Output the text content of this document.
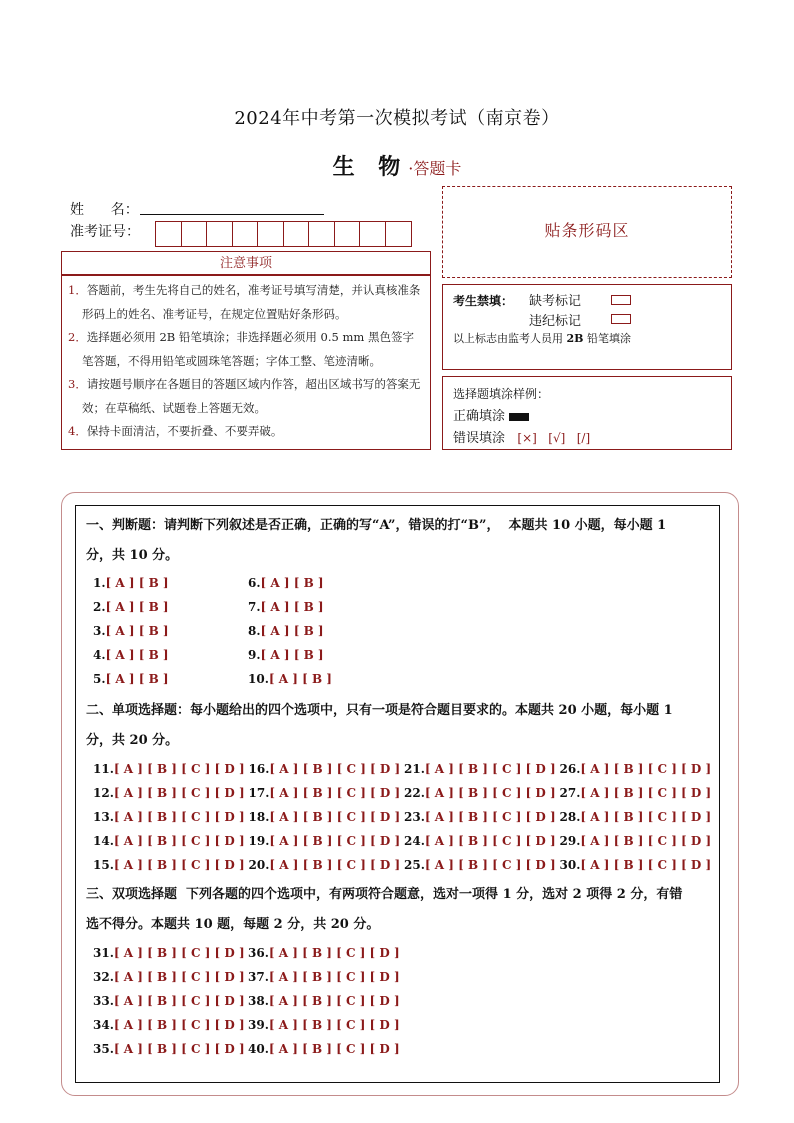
2024年中考第一次模拟考试（南京卷）
生 物·答题卡
姓      名：
准考证号：
注意事项
1．答题前，考生先将自己的姓名，准考证号填写清楚，并认真核准条形码上的姓名、准考证号，在规定位置贴好条形码。
2．选择题必须用 2B 铅笔填涂；非选择题必须用 0.5 mm 黑色签字笔答题，不得用铅笔或圆珠笔答题；字体工整、笔迹清晰。
3．请按题号顺序在各题目的答题区域内作答，超出区域书写的答案无效；在草稿纸、试题卷上答题无效。
4．保持卡面清洁，不要折叠、不要弄破。
贴条形码区
考生禁填： 缺考标记
违纪标记
以上标志由监考人员用 2B 铅笔填涂
选择题填涂样例：
正确填涂
错误填涂 [×]   [√]   [/]
一、判断题：请判断下列叙述是否正确，正确的写“A”，错误的打“B”，  本题共 10 小题，每小题 1
分，共 10 分。
二、单项选择题：每小题给出的四个选项中，只有一项是符合题目要求的。本题共 20 小题，每小题 1
分，共 20 分。
三、双项选择题  下列各题的四个选项中，有两项符合题意，选对一项得 1 分，选对 2 项得 2 分，有错
选不得分。本题共 10 题，每题 2 分，共 20 分。
1.[ A ] [ B ]
2.[ A ] [ B ]
3.[ A ] [ B ]
4.[ A ] [ B ]
5.[ A ] [ B ]
6.[ A ] [ B ]
7.[ A ] [ B ]
8.[ A ] [ B ]
9.[ A ] [ B ]
10.[ A ] [ B ]
11.[ A ] [ B ] [ C ] [ D ]
12.[ A ] [ B ] [ C ] [ D ]
13.[ A ] [ B ] [ C ] [ D ]
14.[ A ] [ B ] [ C ] [ D ]
15.[ A ] [ B ] [ C ] [ D ]
16.[ A ] [ B ] [ C ] [ D ]
17.[ A ] [ B ] [ C ] [ D ]
18.[ A ] [ B ] [ C ] [ D ]
19.[ A ] [ B ] [ C ] [ D ]
20.[ A ] [ B ] [ C ] [ D ]
21.[ A ] [ B ] [ C ] [ D ]
22.[ A ] [ B ] [ C ] [ D ]
23.[ A ] [ B ] [ C ] [ D ]
24.[ A ] [ B ] [ C ] [ D ]
25.[ A ] [ B ] [ C ] [ D ]
26.[ A ] [ B ] [ C ] [ D ]
27.[ A ] [ B ] [ C ] [ D ]
28.[ A ] [ B ] [ C ] [ D ]
29.[ A ] [ B ] [ C ] [ D ]
30.[ A ] [ B ] [ C ] [ D ]
31.[ A ] [ B ] [ C ] [ D ]
32.[ A ] [ B ] [ C ] [ D ]
33.[ A ] [ B ] [ C ] [ D ]
34.[ A ] [ B ] [ C ] [ D ]
35.[ A ] [ B ] [ C ] [ D ]
36.[ A ] [ B ] [ C ] [ D ]
37.[ A ] [ B ] [ C ] [ D ]
38.[ A ] [ B ] [ C ] [ D ]
39.[ A ] [ B ] [ C ] [ D ]
40.[ A ] [ B ] [ C ] [ D ]
